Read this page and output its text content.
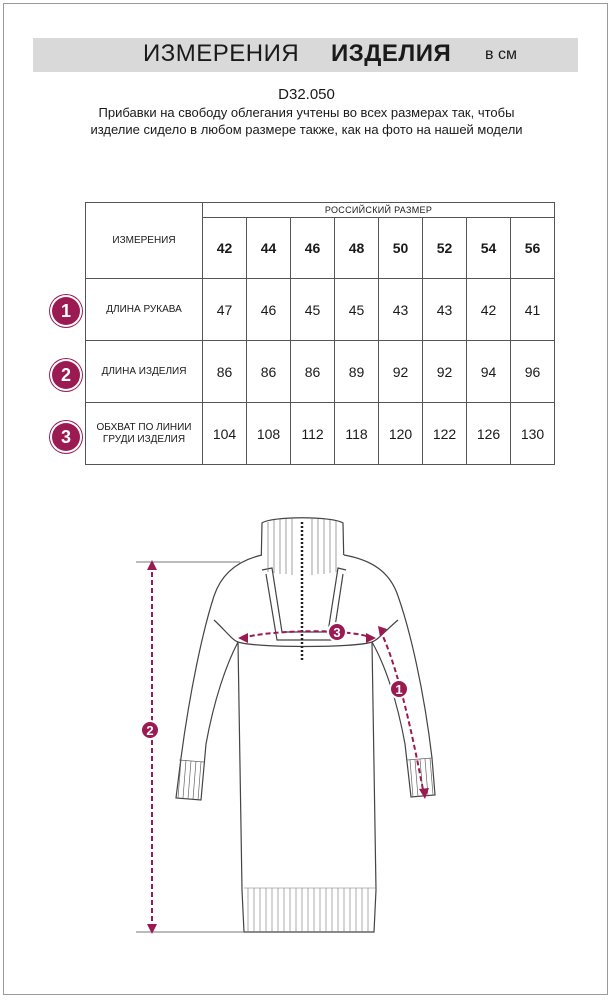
ИЗМЕРЕНИЯ ИЗДЕЛИЯ в см
D32.050
Прибавки на свободу облегания учтены во всех размерах так, чтобы изделие сидело в любом размере также, как на фото на нашей модели
ИЗМЕРЕНИЯ	РОССИЙСКИЙ РАЗМЕР							
	42	44	46	48	50	52	54	56
ДЛИНА РУКАВА	47	46	45	45	43	43	42	41
ДЛИНА ИЗДЕЛИЯ	86	86	86	89	92	92	94	96
ОБХВАТ ПО ЛИНИИ ГРУДИ ИЗДЕЛИЯ	104	108	112	118	120	122	126	130
1
2
3
2
3
1
